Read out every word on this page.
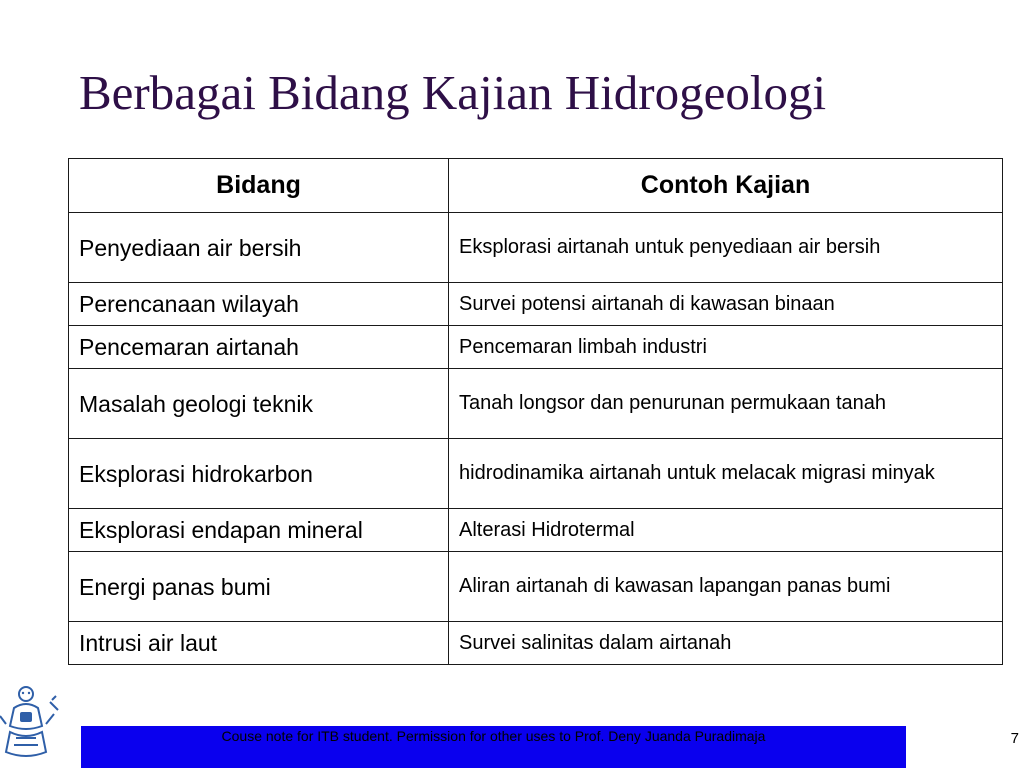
Berbagai Bidang Kajian Hidrogeologi
Bidang	Contoh Kajian
Penyediaan air bersih	Eksplorasi airtanah untuk penyediaan air bersih
Perencanaan wilayah	Survei potensi airtanah di kawasan binaan
Pencemaran airtanah	Pencemaran limbah industri
Masalah geologi teknik	Tanah longsor dan penurunan permukaan tanah
Eksplorasi hidrokarbon	hidrodinamika airtanah untuk melacak migrasi minyak
Eksplorasi endapan mineral	Alterasi Hidrotermal
Energi panas bumi	Aliran airtanah di kawasan lapangan panas bumi
Intrusi air laut	Survei salinitas dalam airtanah
Couse note for ITB student. Permission for other uses to Prof. Deny Juanda Puradimaja	7
